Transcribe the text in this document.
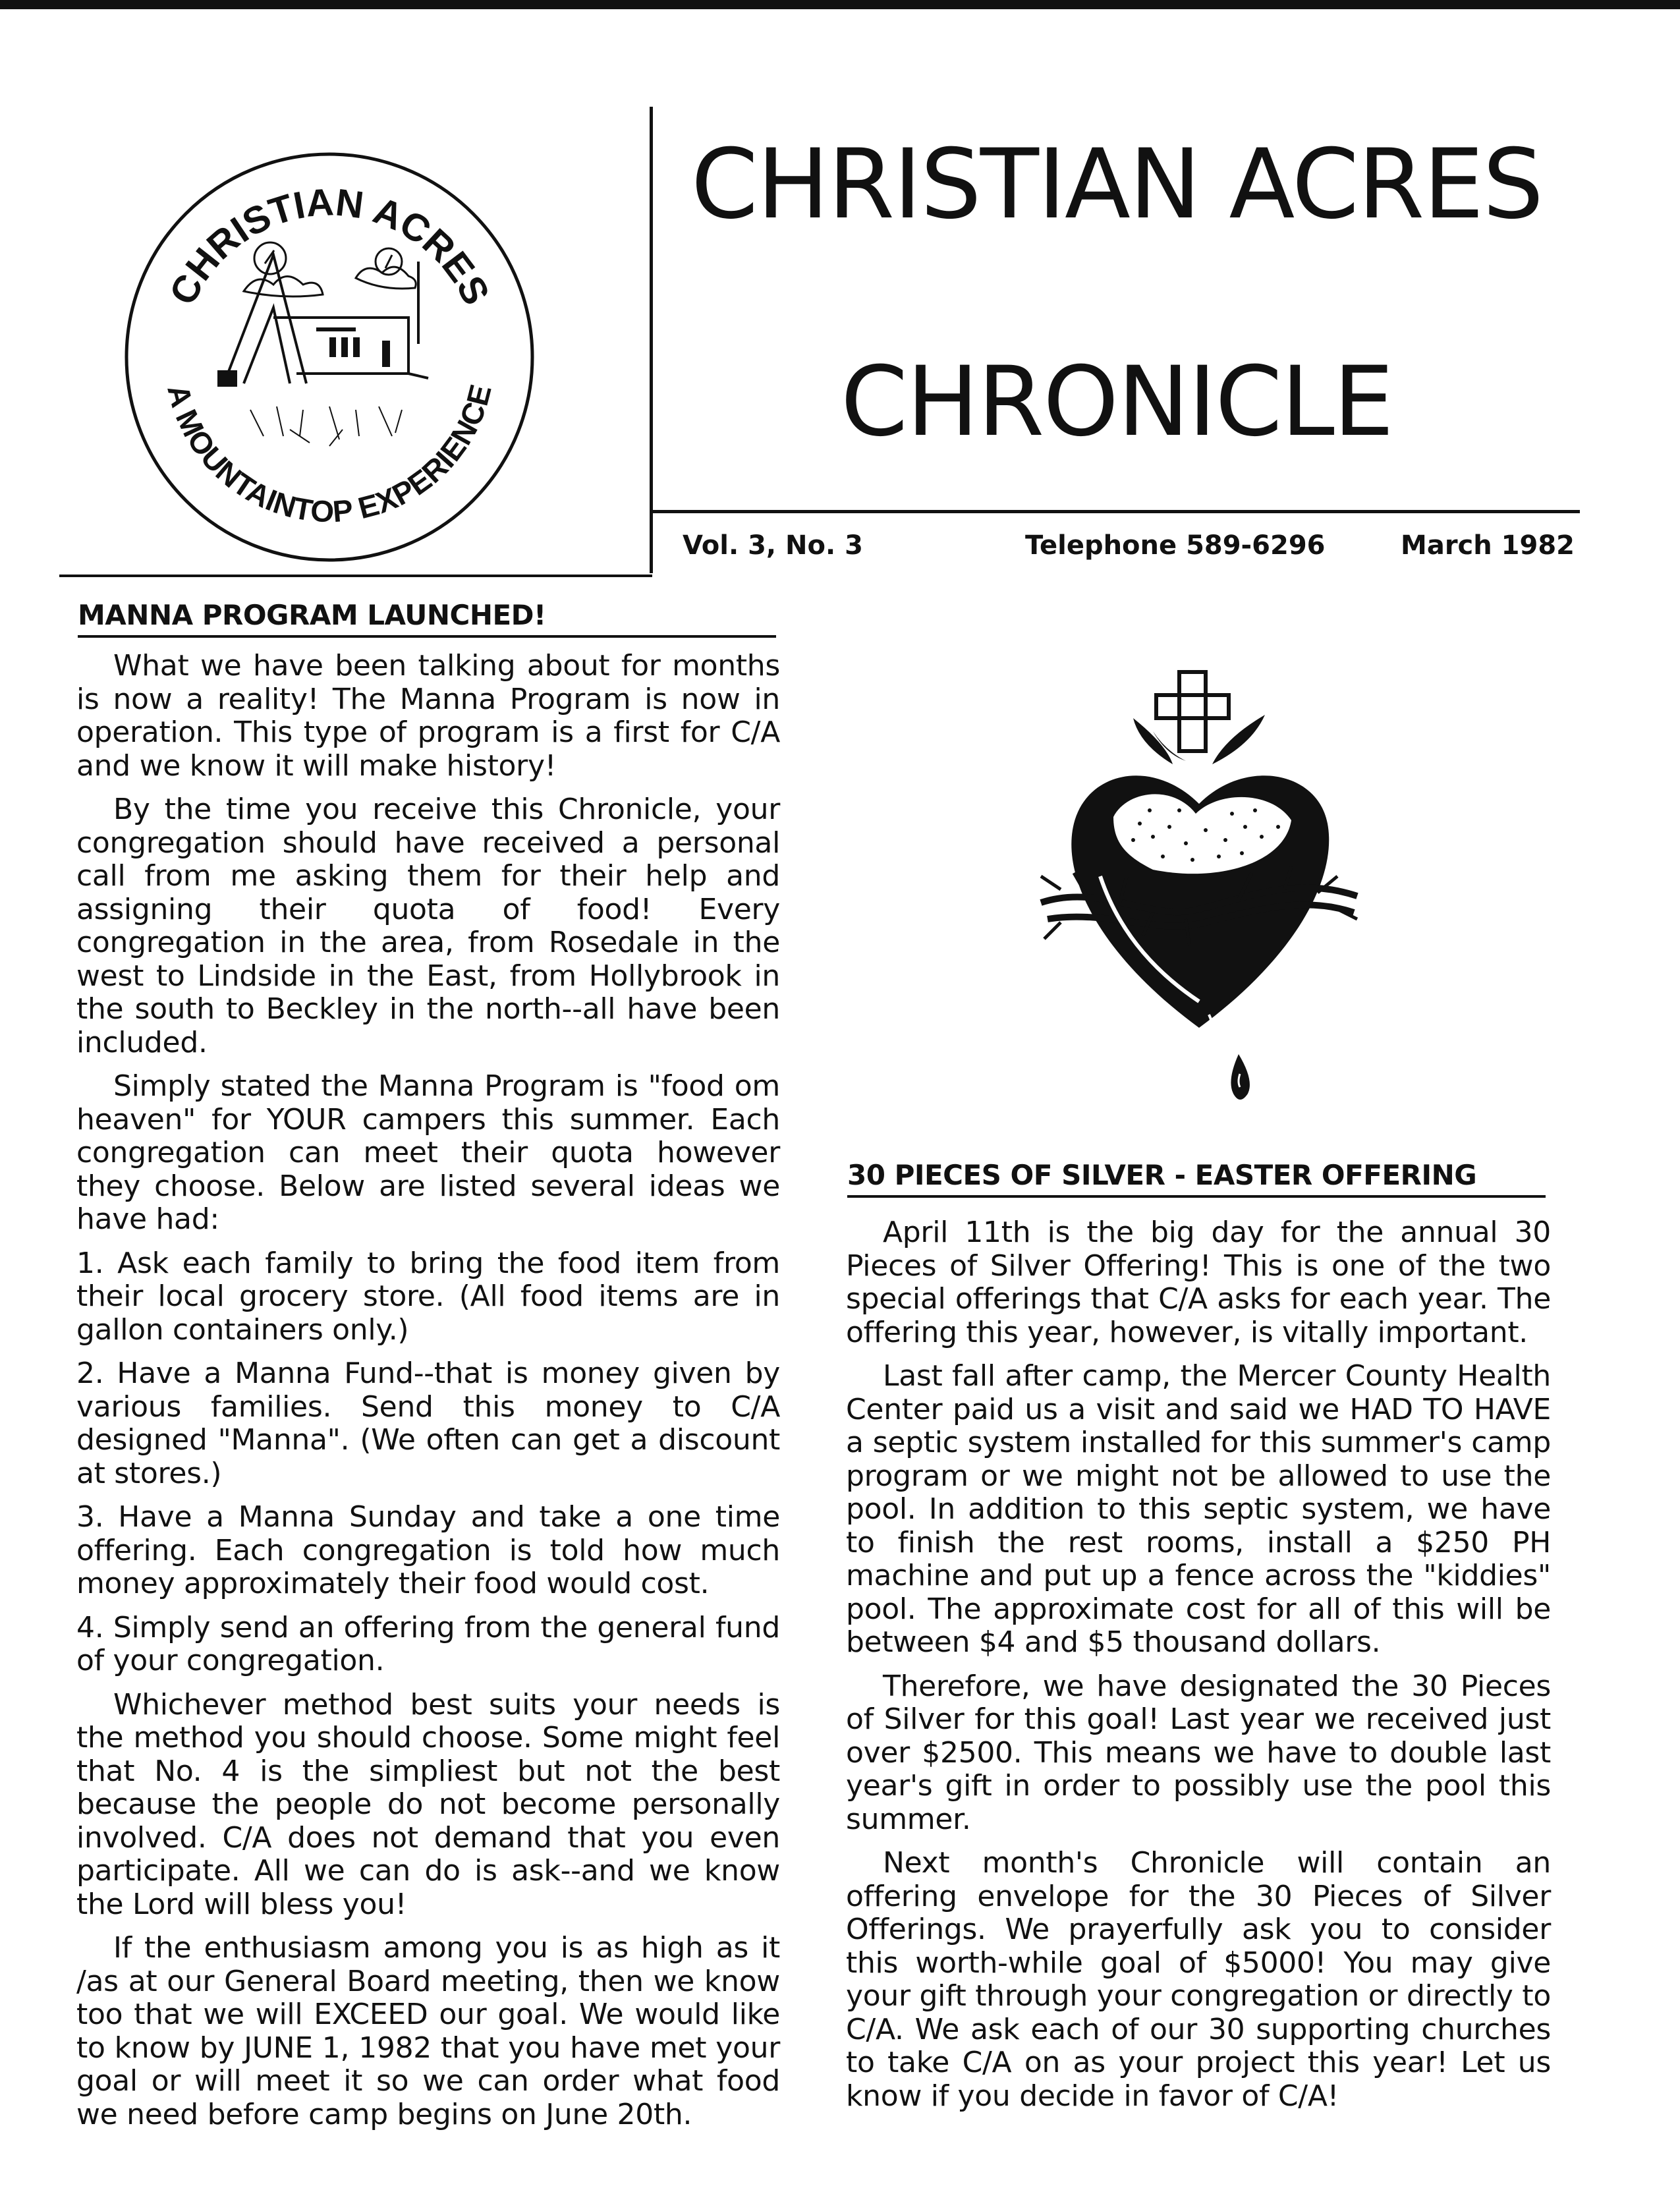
CHRISTIAN ACRES
A MOUNTAINTOP EXPERIENCE
CHRISTIAN ACRES
CHRONICLE
Vol. 3, No. 3	Telephone 589-6296	March 1982
MANNA PROGRAM LAUNCHED!

What we have been talking about for months is now a reality! The Manna Program is now in operation. This type of program is a first for C/A and we know it will make history!

By the time you receive this Chronicle, your congregation should have received a personal call from me asking them for their help and assigning their quota of food! Every congregation in the area, from Rosedale in the west to Lindside in the East, from Hollybrook in the south to Beckley in the north--all have been included.

Simply stated the Manna Program is "food om heaven" for YOUR campers this summer. Each congregation can meet their quota however they choose. Below are listed several ideas we have had:

1. Ask each family to bring the food item from their local grocery store. (All food items are in gallon containers only.)

2. Have a Manna Fund--that is money given by various families. Send this money to C/A designed "Manna". (We often can get a discount at stores.)

3. Have a Manna Sunday and take a one time offering. Each congregation is told how much money approximately their food would cost.

4. Simply send an offering from the general fund of your congregation.

Whichever method best suits your needs is the method you should choose. Some might feel that No. 4 is the simpliest but not the best because the people do not become personally involved. C/A does not demand that you even participate. All we can do is ask--and we know the Lord will bless you!

If the enthusiasm among you is as high as it /as at our General Board meeting, then we know too that we will EXCEED our goal. We would like to know by JUNE 1, 1982 that you have met your goal or will meet it so we can order what food we need before camp begins on June 20th.

30 PIECES OF SILVER - EASTER OFFERING

April 11th is the big day for the annual 30 Pieces of Silver Offering! This is one of the two special offerings that C/A asks for each year. The offering this year, however, is vitally important.

Last fall after camp, the Mercer County Health Center paid us a visit and said we HAD TO HAVE a septic system installed for this summer's camp program or we might not be allowed to use the pool. In addition to this septic system, we have to finish the rest rooms, install a $250 PH machine and put up a fence across the "kiddies" pool. The approximate cost for all of this will be between $4 and $5 thousand dollars.

Therefore, we have designated the 30 Pieces of Silver for this goal! Last year we received just over $2500. This means we have to double last year's gift in order to possibly use the pool this summer.

Next month's Chronicle will contain an offering envelope for the 30 Pieces of Silver Offerings. We prayerfully ask you to consider this worth-while goal of $5000! You may give your gift through your congregation or directly to C/A. We ask each of our 30 supporting churches to take C/A on as your project this year! Let us know if you decide in favor of C/A!
